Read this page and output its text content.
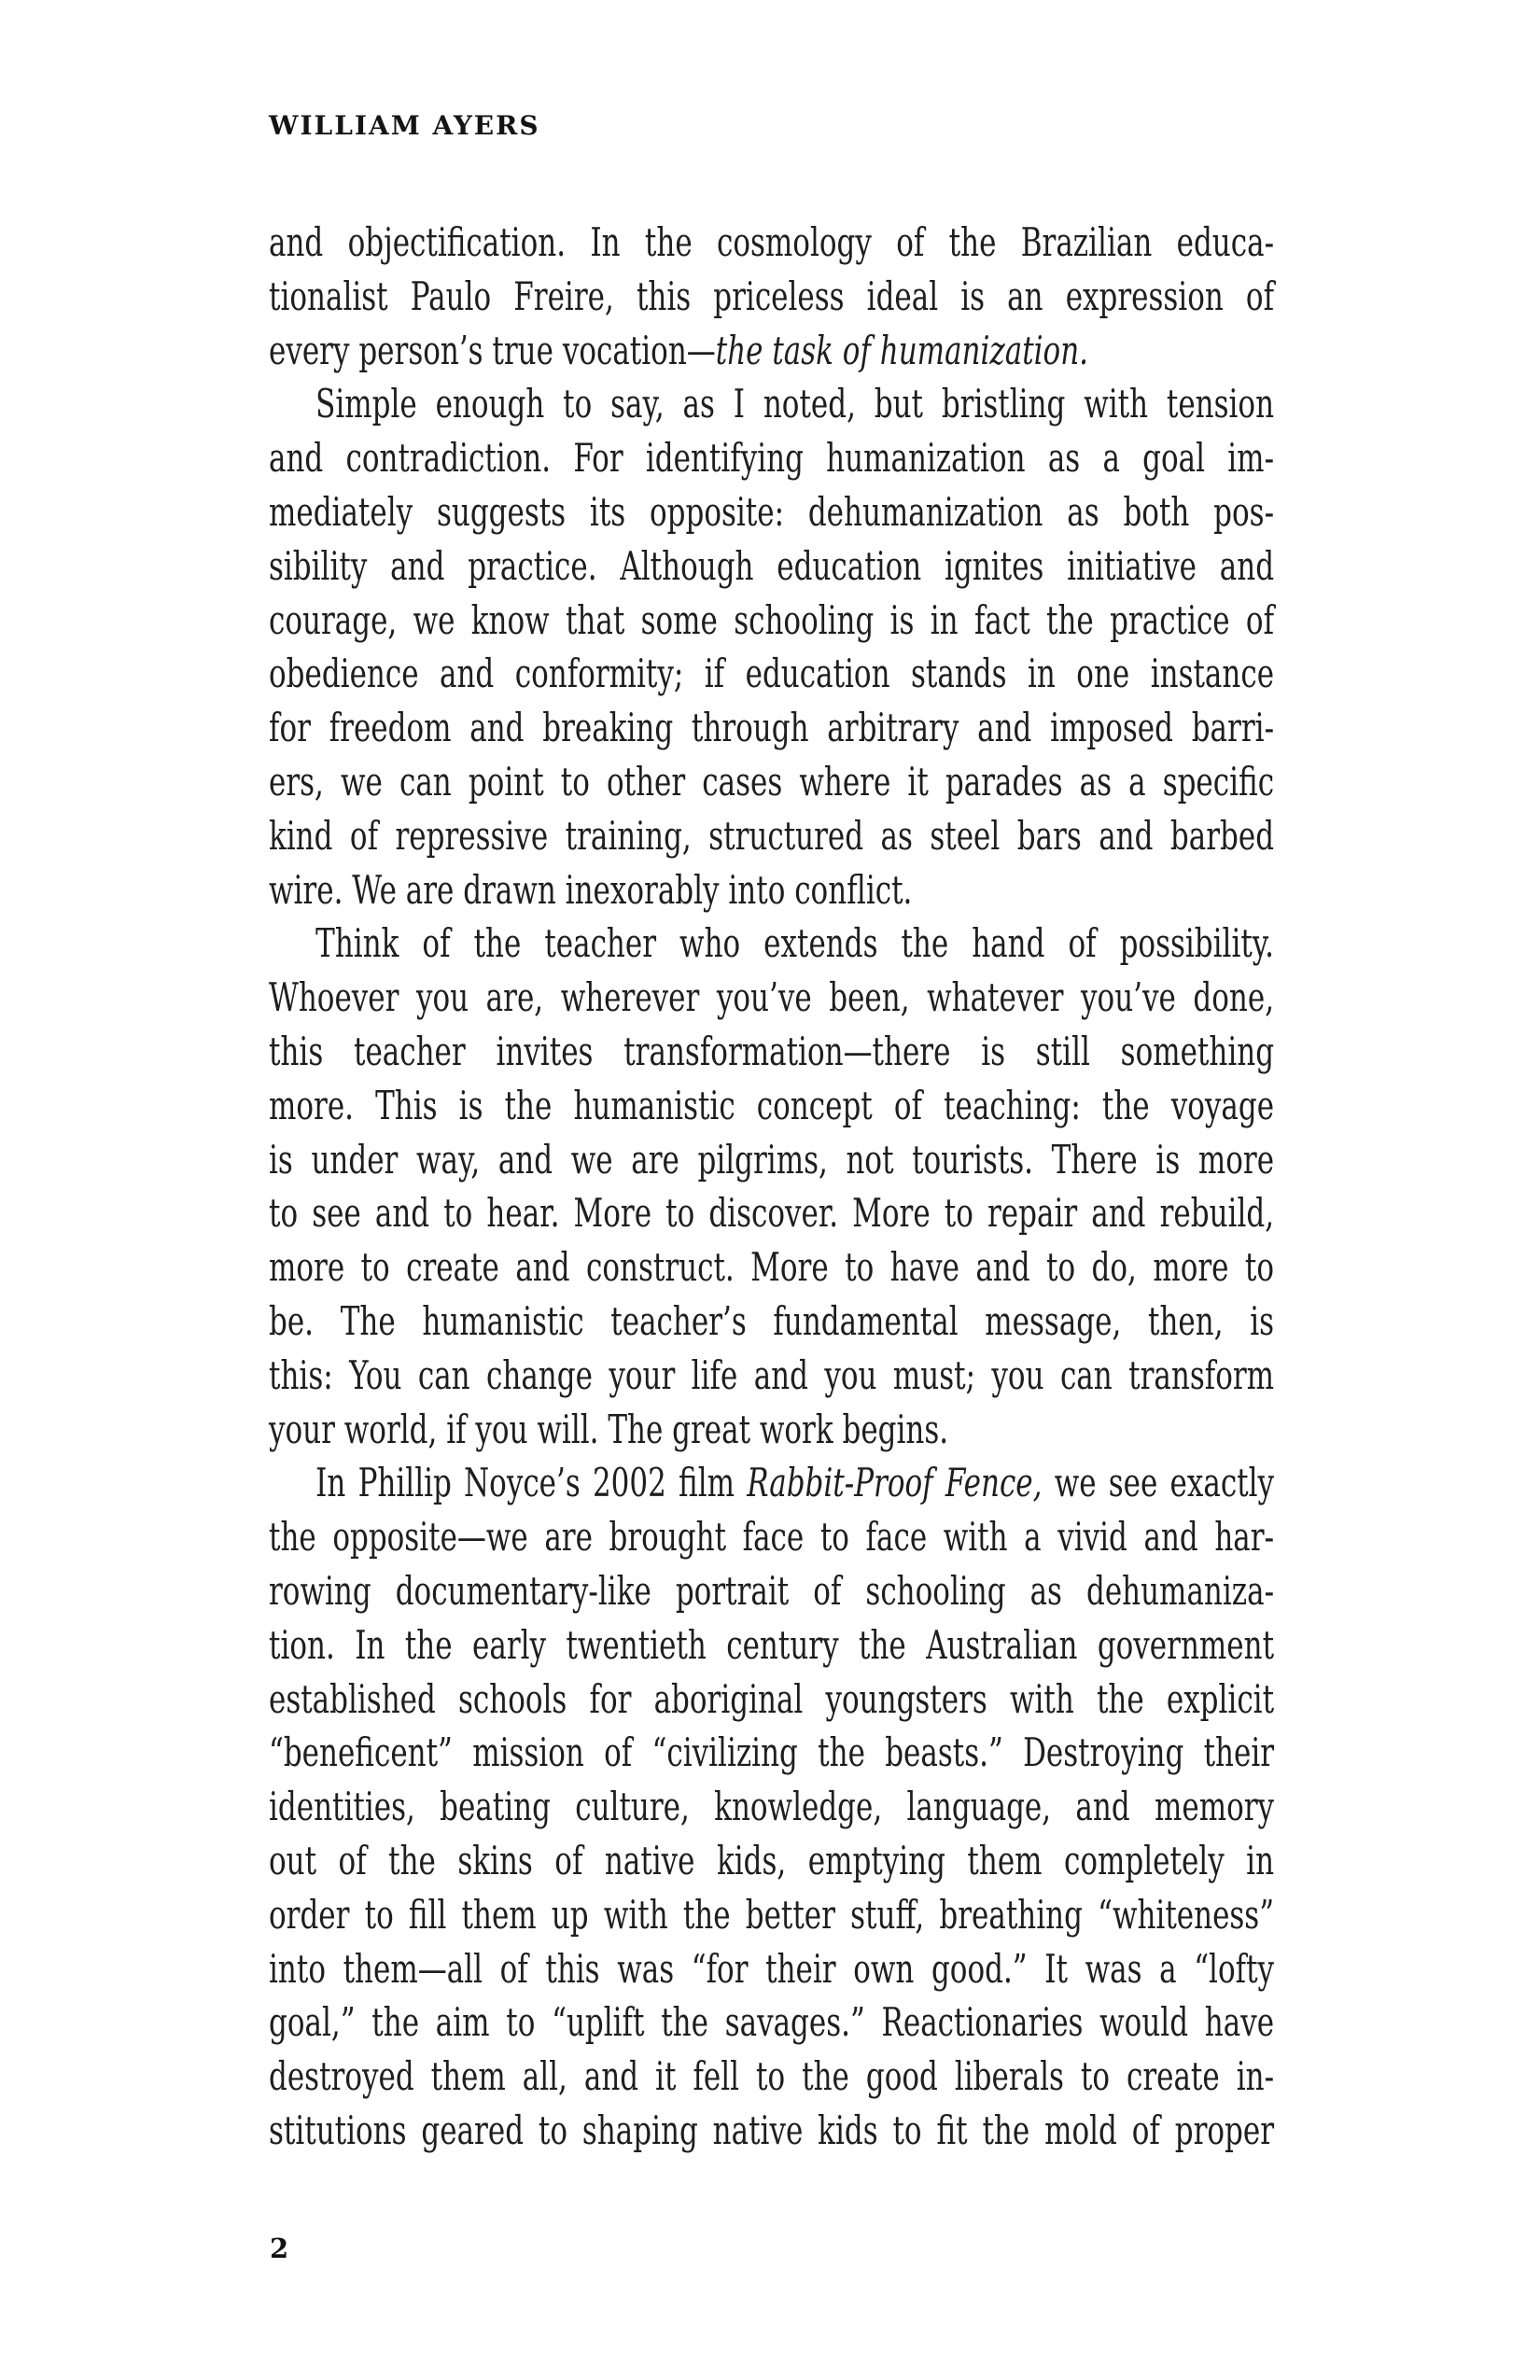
WILLIAM AYERS
and objectification. In the cosmology of the Brazilian educa-
tionalist Paulo Freire, this priceless ideal is an expression of
every person’s true vocation—the task of humanization.
Simple enough to say, as I noted, but bristling with tension
and contradiction. For identifying humanization as a goal im-
mediately suggests its opposite: dehumanization as both pos-
sibility and practice. Although education ignites initiative and
courage, we know that some schooling is in fact the practice of
obedience and conformity; if education stands in one instance
for freedom and breaking through arbitrary and imposed barri-
ers, we can point to other cases where it parades as a specific
kind of repressive training, structured as steel bars and barbed
wire. We are drawn inexorably into conflict.
Think of the teacher who extends the hand of possibility.
Whoever you are, wherever you’ve been, whatever you’ve done,
this teacher invites transformation—there is still something
more. This is the humanistic concept of teaching: the voyage
is under way, and we are pilgrims, not tourists. There is more
to see and to hear. More to discover. More to repair and rebuild,
more to create and construct. More to have and to do, more to
be. The humanistic teacher’s fundamental message, then, is
this: You can change your life and you must; you can transform
your world, if you will. The great work begins.
In Phillip Noyce’s 2002 film Rabbit-Proof Fence, we see exactly
the opposite—we are brought face to face with a vivid and har-
rowing documentary-like portrait of schooling as dehumaniza-
tion. In the early twentieth century the Australian government
established schools for aboriginal youngsters with the explicit
“beneficent” mission of “civilizing the beasts.” Destroying their
identities, beating culture, knowledge, language, and memory
out of the skins of native kids, emptying them completely in
order to fill them up with the better stuff, breathing “whiteness”
into them—all of this was “for their own good.” It was a “lofty
goal,” the aim to “uplift the savages.” Reactionaries would have
destroyed them all, and it fell to the good liberals to create in-
stitutions geared to shaping native kids to fit the mold of proper
2
